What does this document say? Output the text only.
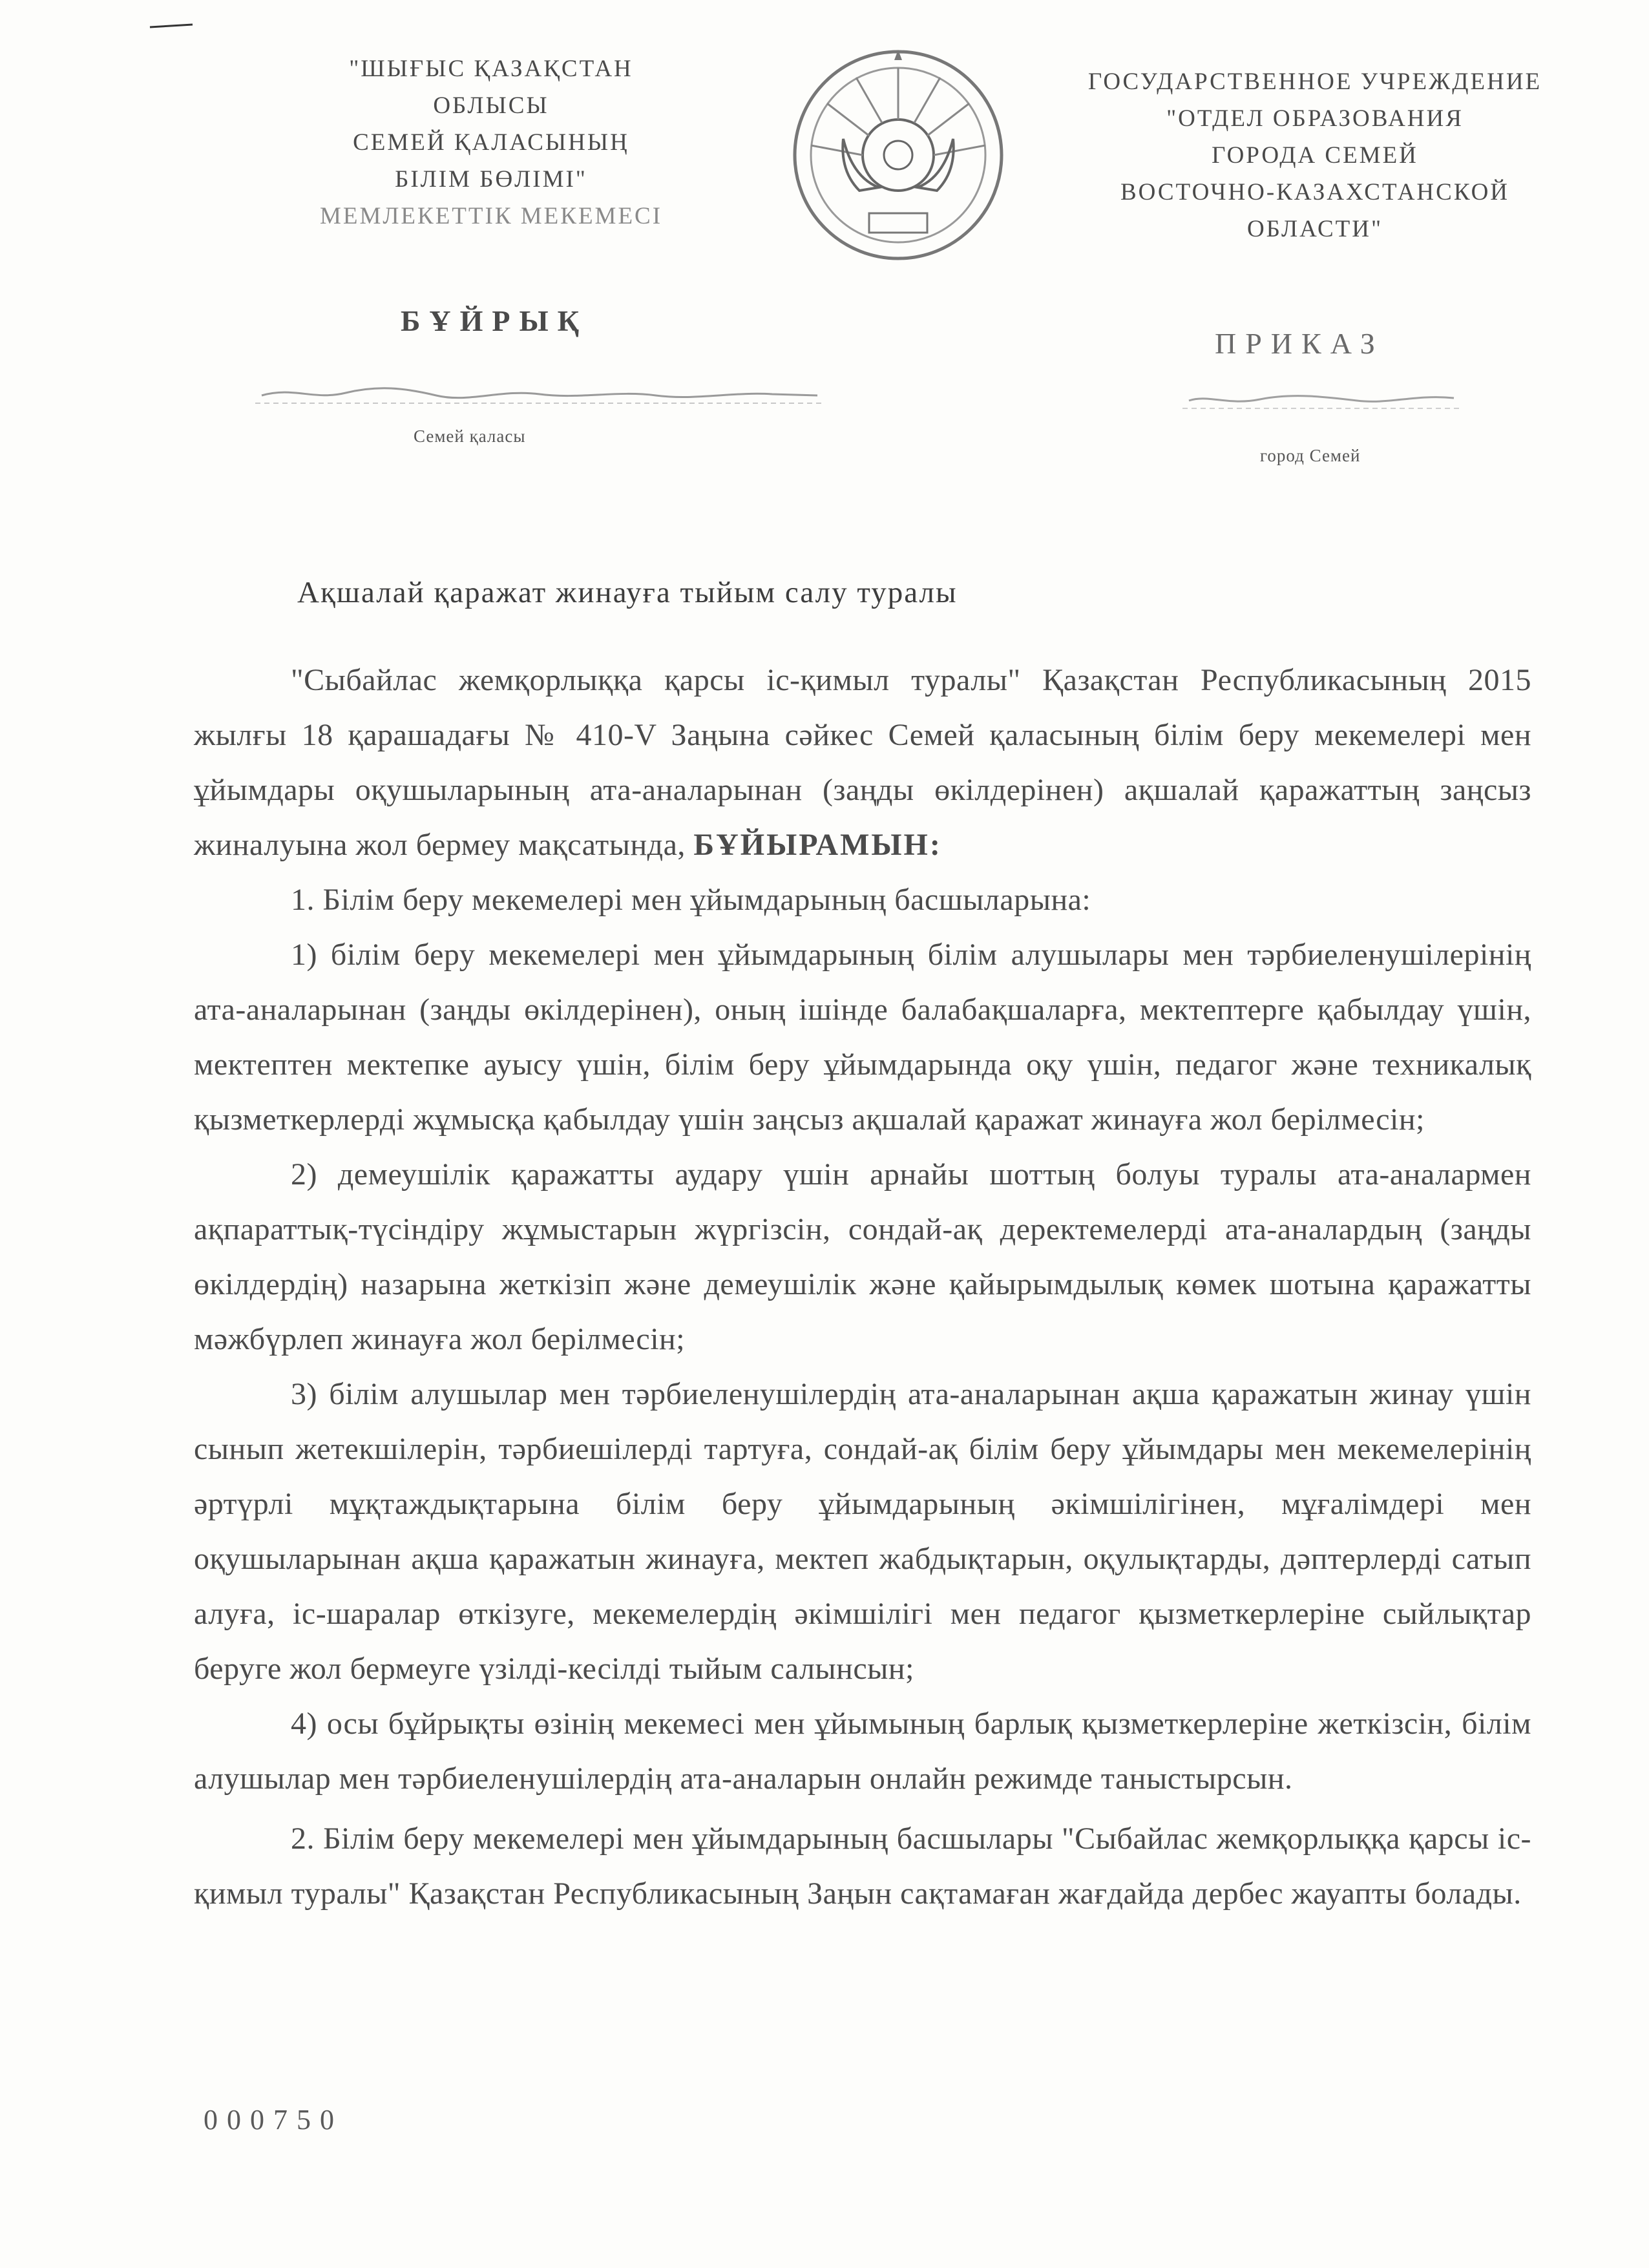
"ШЫҒЫС ҚАЗАҚСТАН
ОБЛЫСЫ
СЕМЕЙ ҚАЛАСЫНЫҢ
БІЛІМ БӨЛІМІ"
МЕМЛЕКЕТТІК МЕКЕМЕСІ
ГОСУДАРСТВЕННОЕ УЧРЕЖДЕНИЕ
"ОТДЕЛ ОБРАЗОВАНИЯ
ГОРОДА СЕМЕЙ
ВОСТОЧНО-КАЗАХСТАНСКОЙ
ОБЛАСТИ"
БҰЙРЫҚ
ПРИКАЗ
Семей қаласы
город Семей
Ақшалай қаражат жинауға тыйым салу туралы

"Сыбайлас жемқорлыққа қарсы іс-қимыл туралы" Қазақстан Республикасының 2015 жылғы 18 қарашадағы № 410-V Заңына сәйкес Семей қаласының білім беру мекемелері мен ұйымдары оқушыларының ата-аналарынан (заңды өкілдерінен) ақшалай қаражаттың заңсыз жиналуына жол бермеу мақсатында, БҰЙЫРАМЫН:

1. Білім беру мекемелері мен ұйымдарының басшыларына:

1) білім беру мекемелері мен ұйымдарының білім алушылары мен тәрбиеленушілерінің ата-аналарынан (заңды өкілдерінен), оның ішінде балабақшаларға, мектептерге қабылдау үшін, мектептен мектепке ауысу үшін, білім беру ұйымдарында оқу үшін, педагог және техникалық қызметкерлерді жұмысқа қабылдау үшін заңсыз ақшалай қаражат жинауға жол берілмесін;

2) демеушілік қаражатты аудару үшін арнайы шоттың болуы туралы ата-аналармен ақпараттық-түсіндіру жұмыстарын жүргізсін, сондай-ақ деректемелерді ата-аналардың (заңды өкілдердің) назарына жеткізіп және демеушілік және қайырымдылық көмек шотына қаражатты мәжбүрлеп жинауға жол берілмесін;

3) білім алушылар мен тәрбиеленушілердің ата-аналарынан ақша қаражатын жинау үшін сынып жетекшілерін, тәрбиешілерді тартуға, сондай-ақ білім беру ұйымдары мен мекемелерінің әртүрлі мұқтаждықтарына білім беру ұйымдарының әкімшілігінен, мұғалімдері мен оқушыларынан ақша қаражатын жинауға, мектеп жабдықтарын, оқулықтарды, дәптерлерді сатып алуға, іс-шаралар өткізуге, мекемелердің әкімшілігі мен педагог қызметкерлеріне сыйлықтар беруге жол бермеуге үзілді-кесілді тыйым салынсын;

4) осы бұйрықты өзінің мекемесі мен ұйымының барлық қызметкерлеріне жеткізсін, білім алушылар мен тәрбиеленушілердің ата-аналарын онлайн режимде таныстырсын.

2. Білім беру мекемелері мен ұйымдарының басшылары "Сыбайлас жемқорлыққа қарсы іс-қимыл туралы" Қазақстан Республикасының Заңын сақтамаған жағдайда дербес жауапты болады.

000750
